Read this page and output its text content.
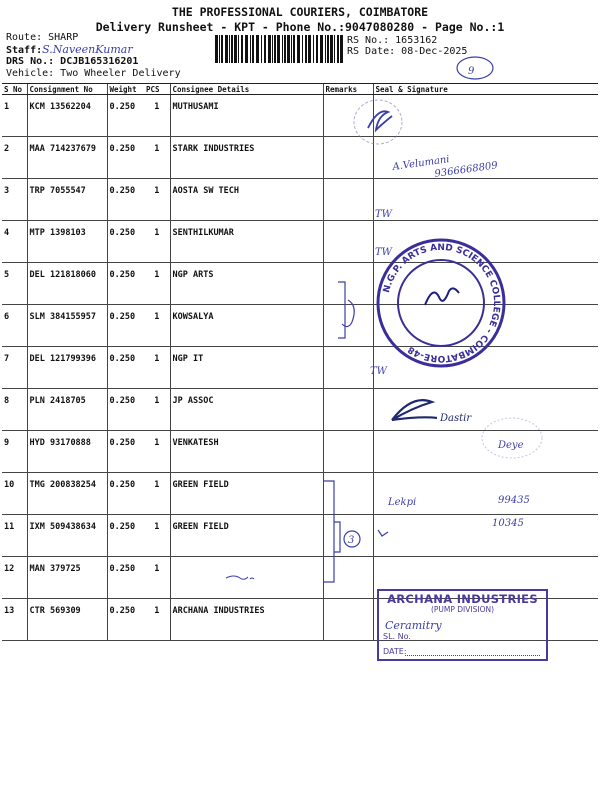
THE PROFESSIONAL COURIERS, COIMBATORE
Delivery Runsheet - KPT - Phone No.:9047080280 - Page No.:1
Route: SHARP
Staff:S.NaveenKumar
DRS No.: DCJB165316201
Vehicle: Two Wheeler Delivery
RS No.: 1653162
RS Date: 08-Dec-2025
S No	Consignment No	Weight	PCS	Consignee Details	Remarks	Seal & Signature
1	KCM 13562204	0.250	1	MUTHUSAMI		
2	MAA 714237679	0.250	1	STARK INDUSTRIES		
3	TRP 7055547	0.250	1	AOSTA SW TECH		
4	MTP 1398103	0.250	1	SENTHILKUMAR		
5	DEL 121818060	0.250	1	NGP ARTS		
6	SLM 384155957	0.250	1	KOWSALYA		
7	DEL 121799396	0.250	1	NGP IT		
8	PLN 2418705	0.250	1	JP ASSOC		
9	HYD 93170888	0.250	1	VENKATESH		
10	TMG 200838254	0.250	1	GREEN FIELD		
11	IXM 509438634	0.250	1	GREEN FIELD		
12	MAN 379725	0.250	1			
13	CTR 569309	0.250	1	ARCHANA INDUSTRIES		
9
A.Velumani
9366668809
TW
TW
TW
N.G.P. ARTS AND SCIENCE COLLEGE - COIMBATORE-48
Dastir
Deye
Lekpi	99435
10345
3
ARCHANA INDUSTRIES
(PUMP DIVISION)
Ceramitry
SL. No.
DATE:
